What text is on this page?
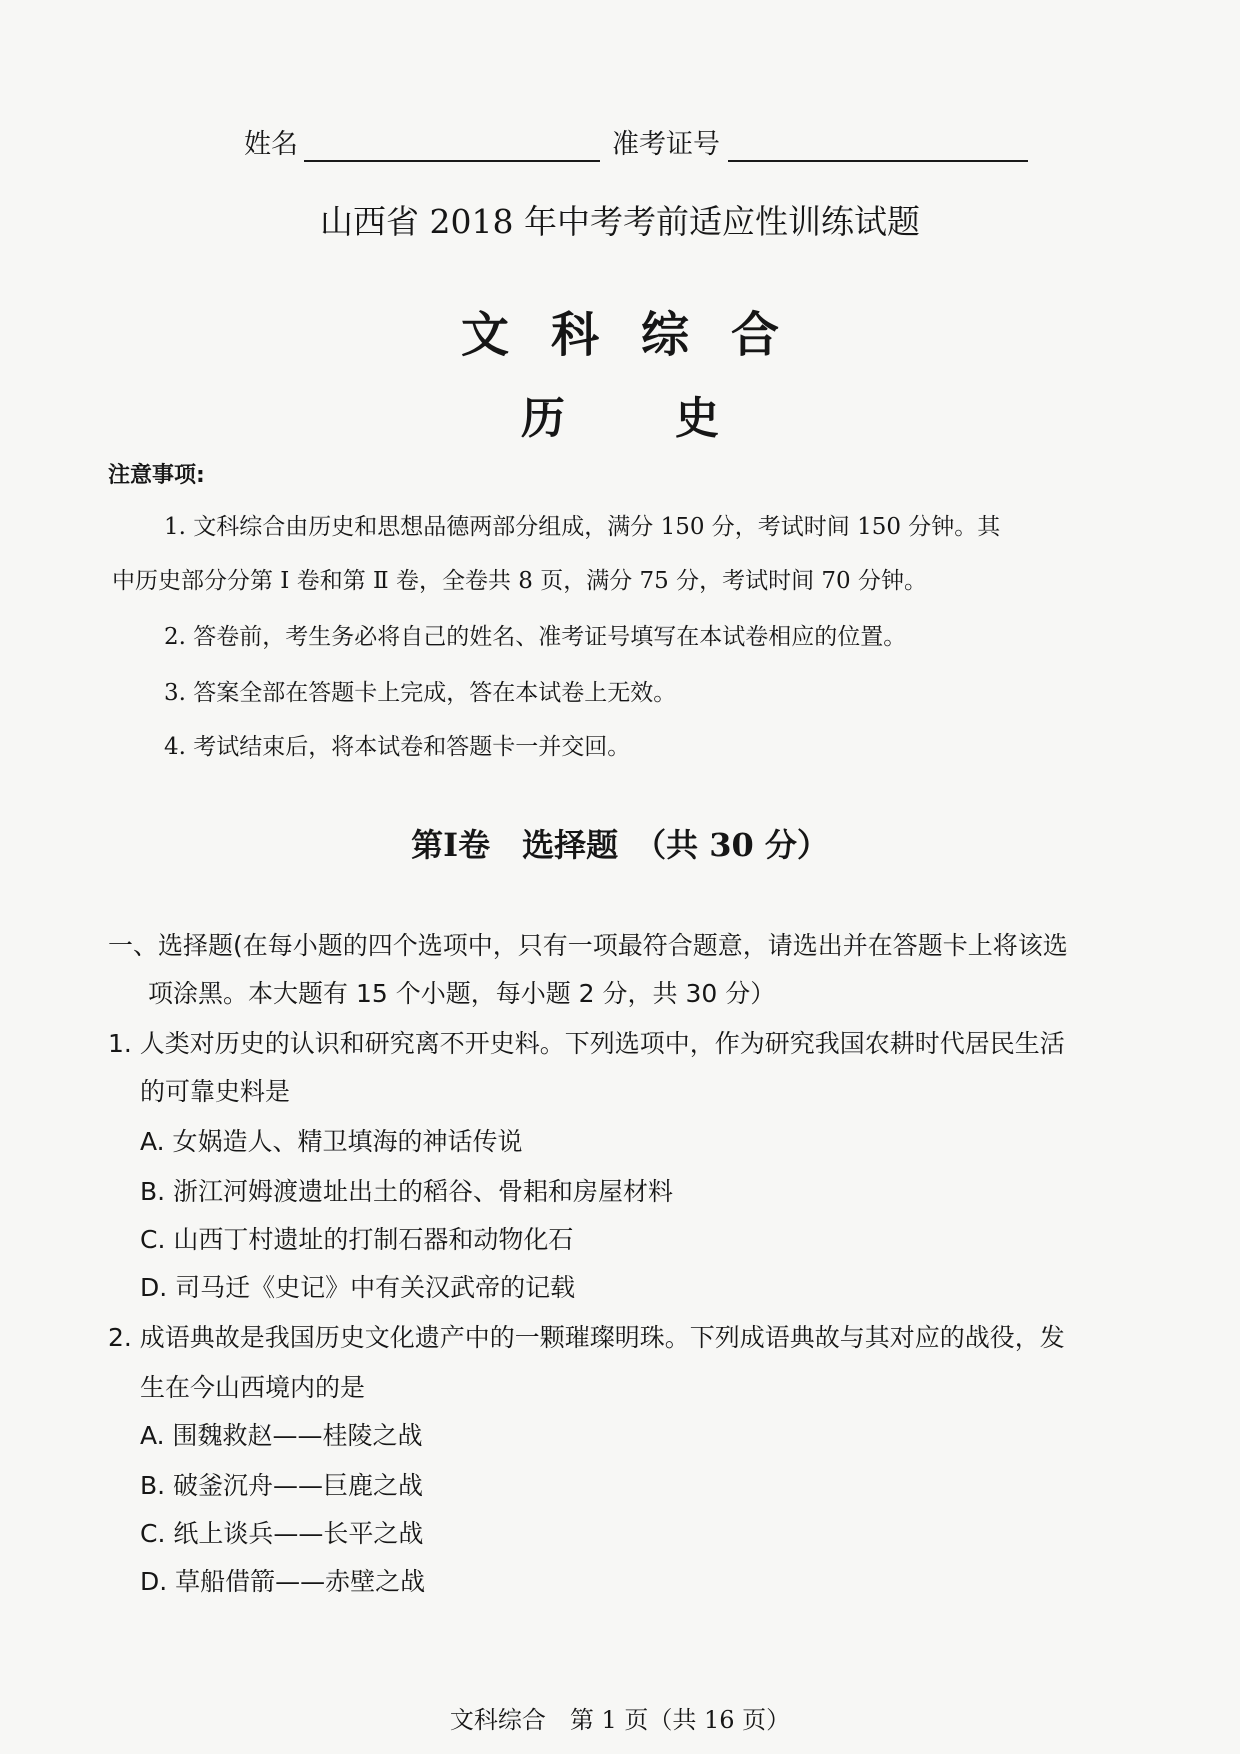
姓名	准考证号
山西省 2018 年中考考前适应性训练试题
文科综合
历史
注意事项:
1. 文科综合由历史和思想品德两部分组成，满分 150 分，考试时间 150 分钟。其
中历史部分分第 Ⅰ 卷和第 Ⅱ 卷，全卷共 8 页，满分 75 分，考试时间 70 分钟。
2. 答卷前，考生务必将自己的姓名、准考证号填写在本试卷相应的位置。
3. 答案全部在答题卡上完成，答在本试卷上无效。
4. 考试结束后，将本试卷和答题卡一并交回。
第Ⅰ卷　选择题　（共 30 分）
一、选择题(在每小题的四个选项中，只有一项最符合题意，请选出并在答题卡上将该选
项涂黑。本大题有 15 个小题，每小题 2 分，共 30 分）
1. 人类对历史的认识和研究离不开史料。下列选项中，作为研究我国农耕时代居民生活
的可靠史料是
A. 女娲造人、精卫填海的神话传说
B. 浙江河姆渡遗址出土的稻谷、骨耜和房屋材料
C. 山西丁村遗址的打制石器和动物化石
D. 司马迁《史记》中有关汉武帝的记载
2. 成语典故是我国历史文化遗产中的一颗璀璨明珠。下列成语典故与其对应的战役，发
生在今山西境内的是
A. 围魏救赵——桂陵之战
B. 破釜沉舟——巨鹿之战
C. 纸上谈兵——长平之战
D. 草船借箭——赤壁之战
文科综合　第 1 页（共 16 页）
